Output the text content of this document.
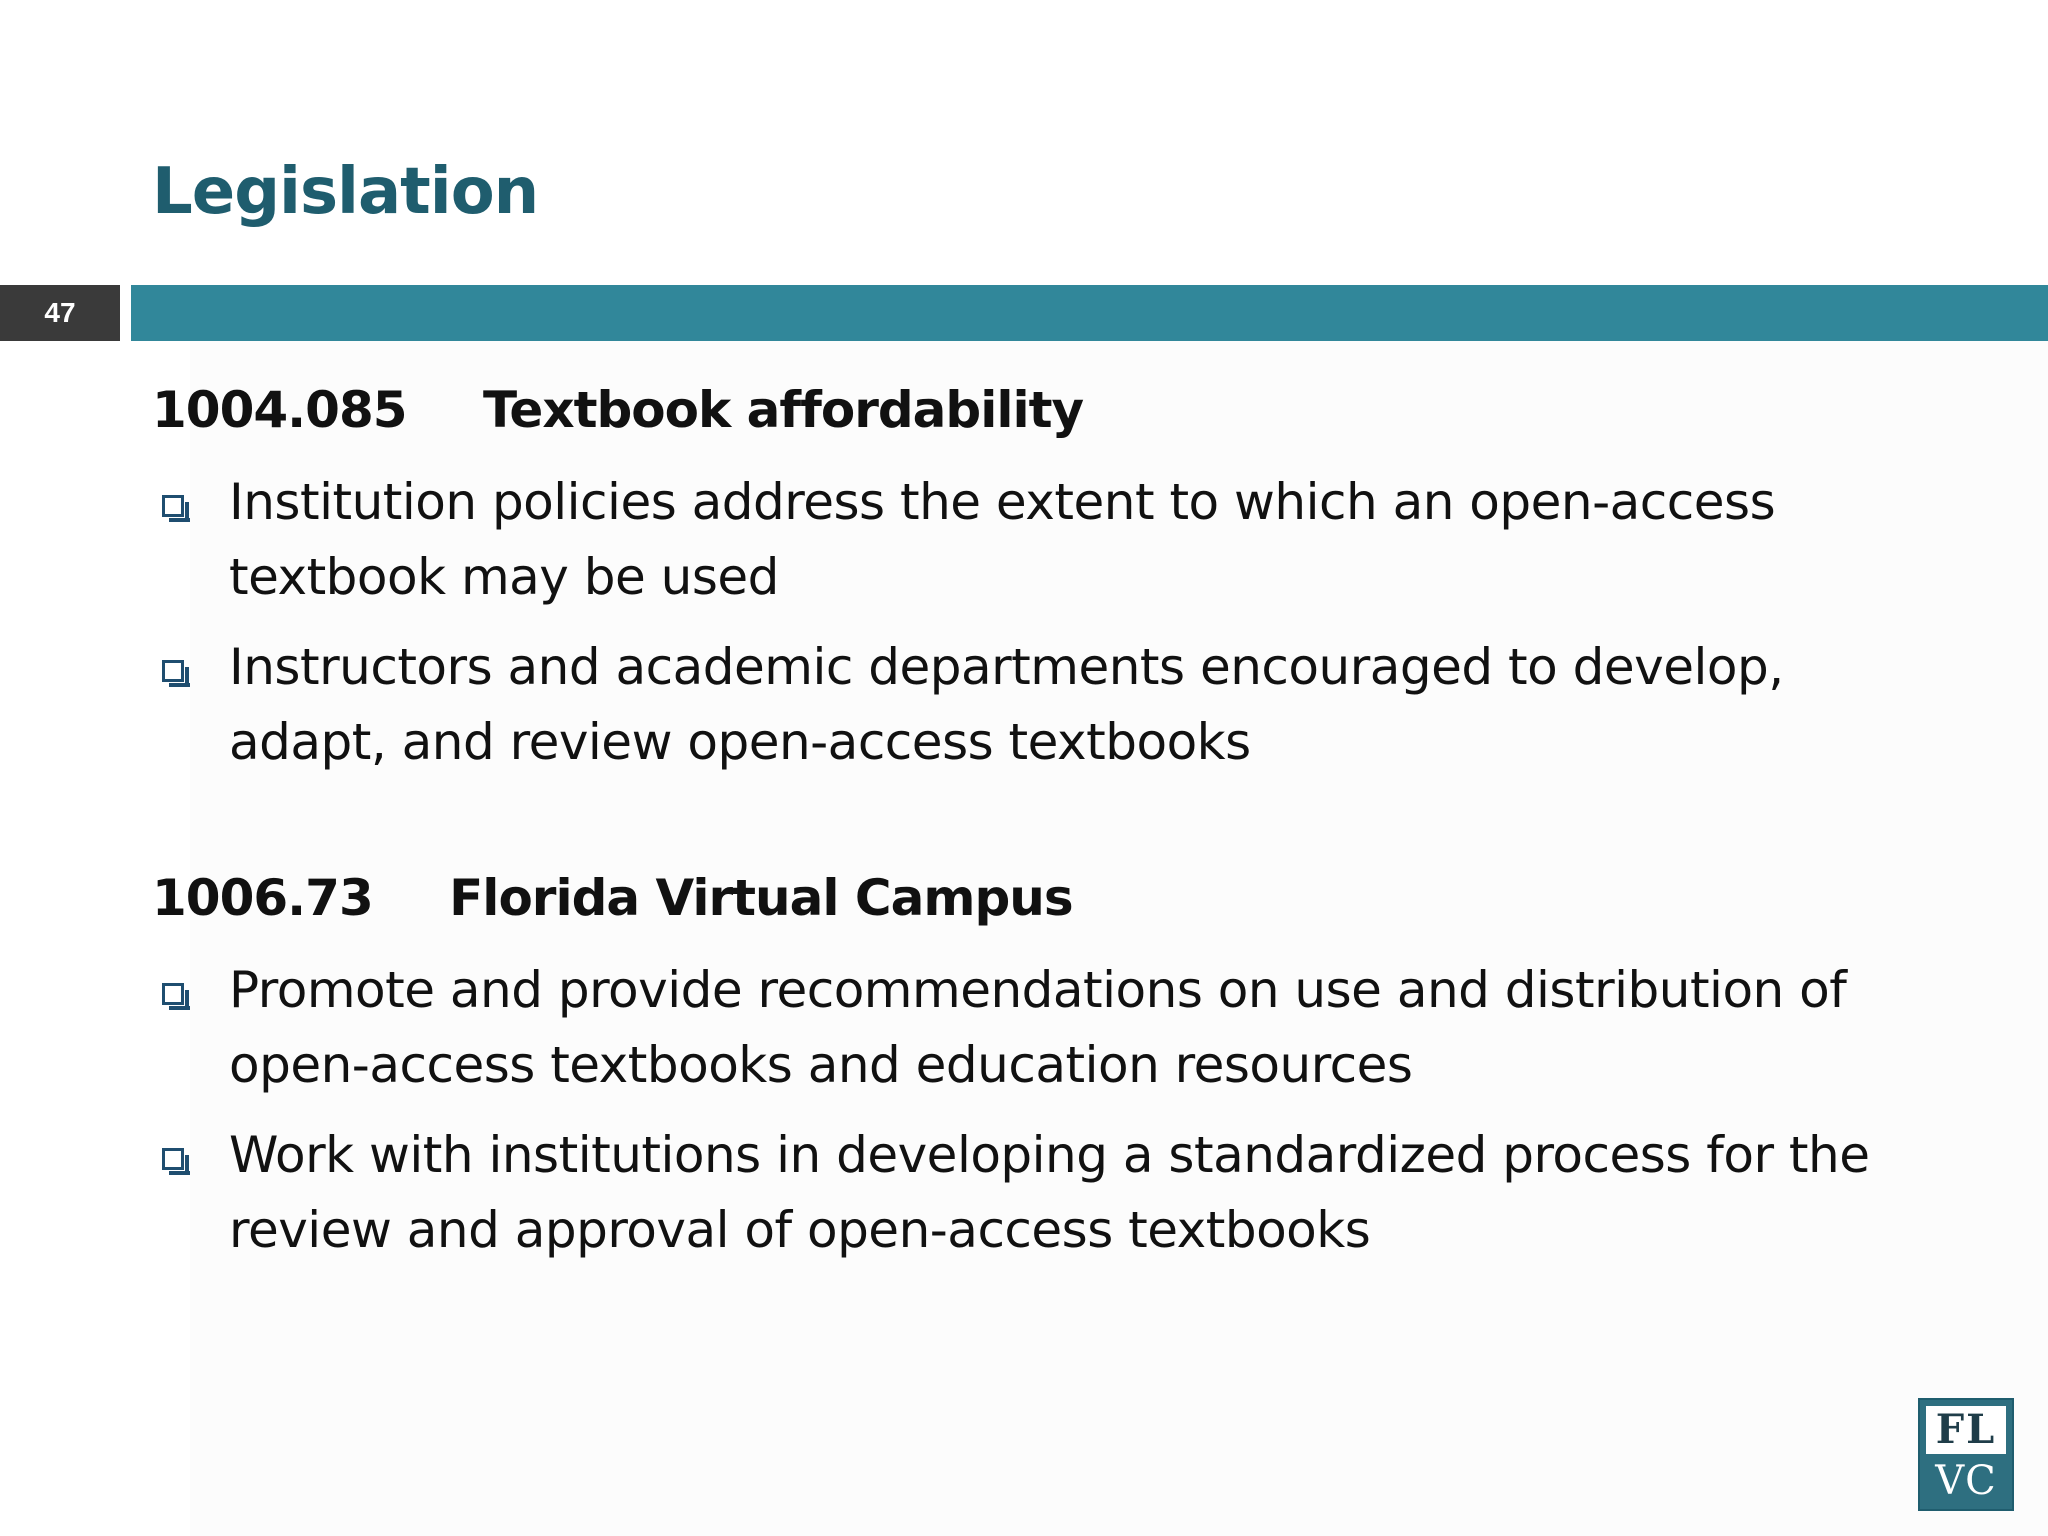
Legislation
47

1004.085 Textbook affordability

Institution policies address the extent to which an open-access textbook may be used
Instructors and academic departments encouraged to develop, adapt, and review open-access textbooks

1006.73 Florida Virtual Campus

Promote and provide recommendations on use and distribution of open-access textbooks and education resources
Work with institutions in developing a standardized process for the review and approval of open-access textbooks
FL
VC
